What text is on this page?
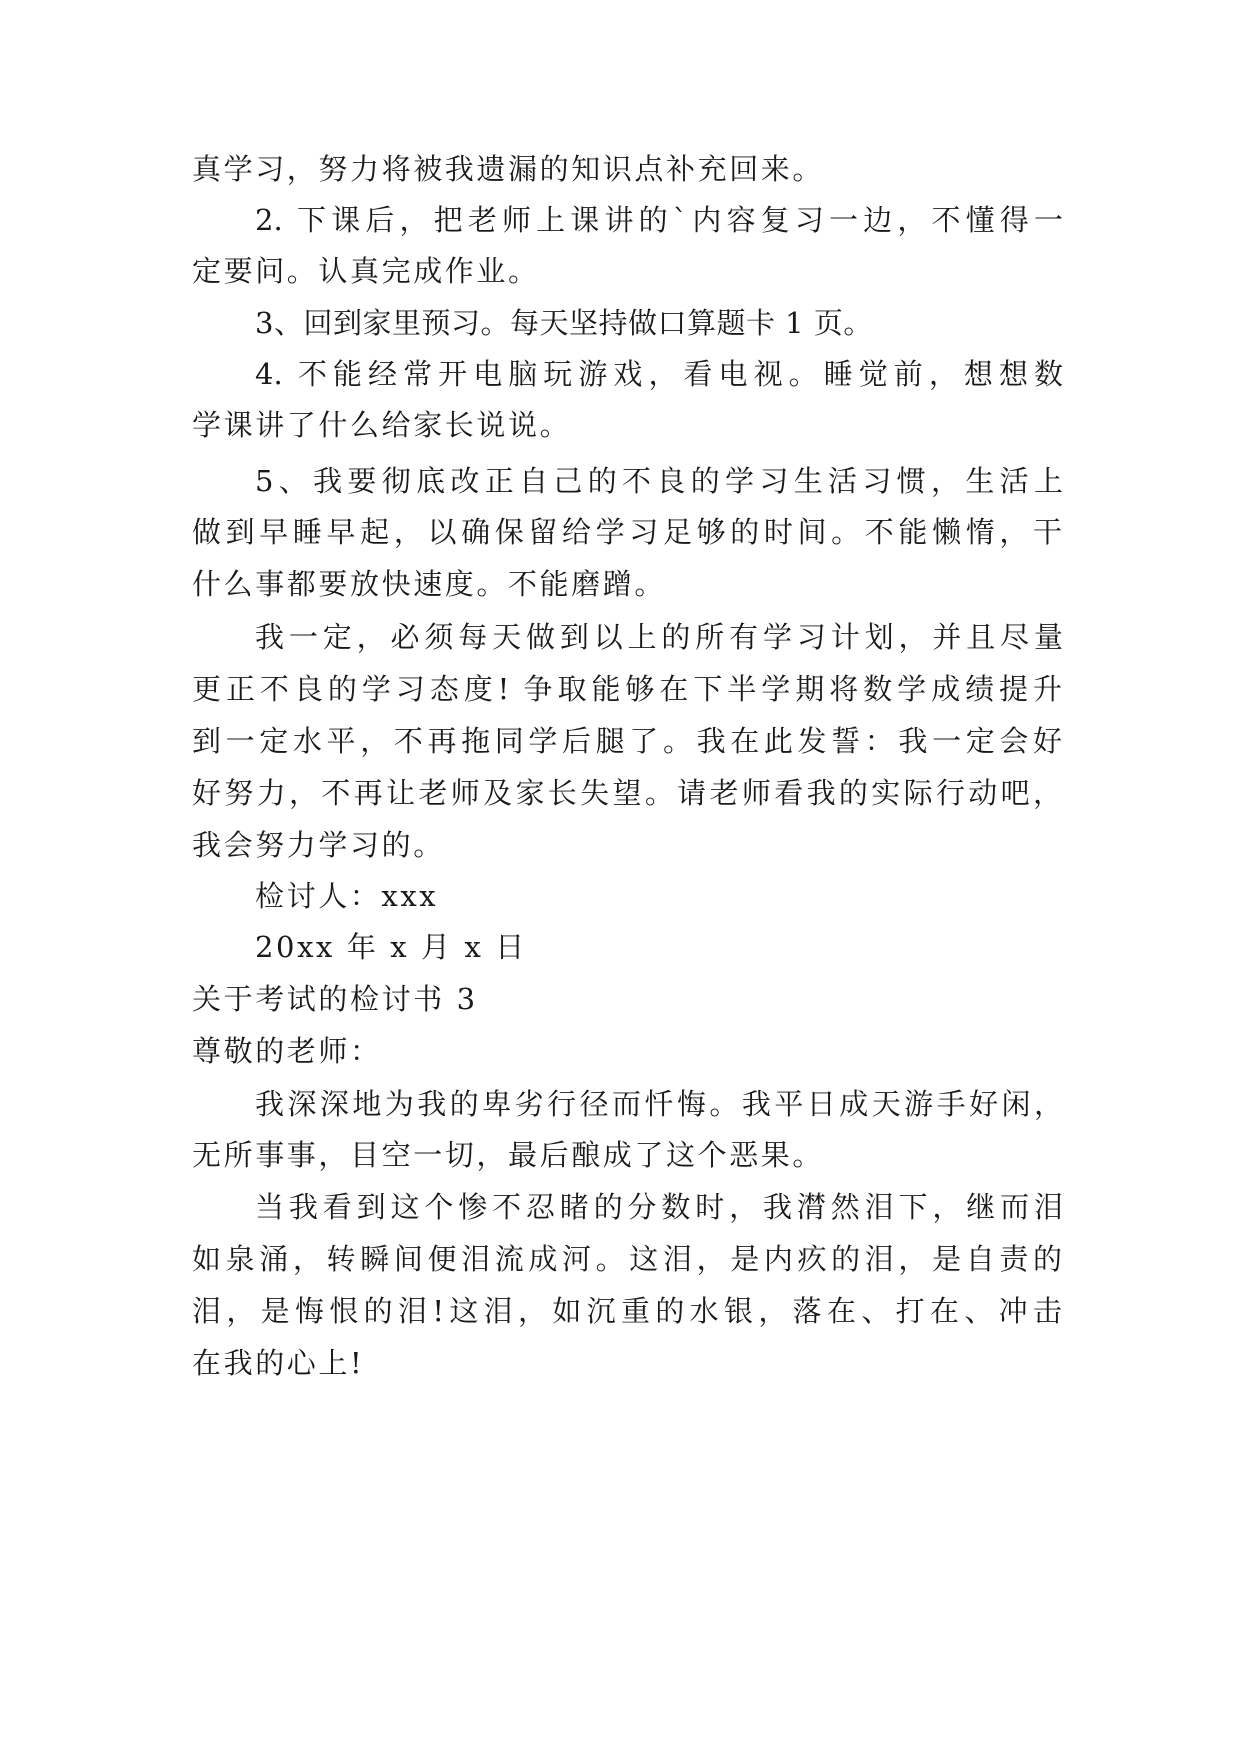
真学习，努力将被我遗漏的知识点补充回来。
2. 下课后，把老师上课讲的`内容复习一边，不懂得一
定要问。认真完成作业。
3、回到家里预习。每天坚持做口算题卡 1 页。
4. 不能经常开电脑玩游戏，看电视。睡觉前，想想数
学课讲了什么给家长说说。
5、我要彻底改正自己的不良的学习生活习惯，生活上
做到早睡早起，以确保留给学习足够的时间。不能懒惰，干
什么事都要放快速度。不能磨蹭。
我一定，必须每天做到以上的所有学习计划，并且尽量
更正不良的学习态度! 争取能够在下半学期将数学成绩提升
到一定水平，不再拖同学后腿了。我在此发誓：我一定会好
好努力，不再让老师及家长失望。请老师看我的实际行动吧，
我会努力学习的。
检讨人：xxx
20xx 年 x 月 x 日
关于考试的检讨书 3
尊敬的老师：
我深深地为我的卑劣行径而忏悔。我平日成天游手好闲，
无所事事，目空一切，最后酿成了这个恶果。
当我看到这个惨不忍睹的分数时，我潸然泪下，继而泪
如泉涌，转瞬间便泪流成河。这泪，是内疚的泪，是自责的
泪，是悔恨的泪!这泪，如沉重的水银，落在、打在、冲击
在我的心上!
